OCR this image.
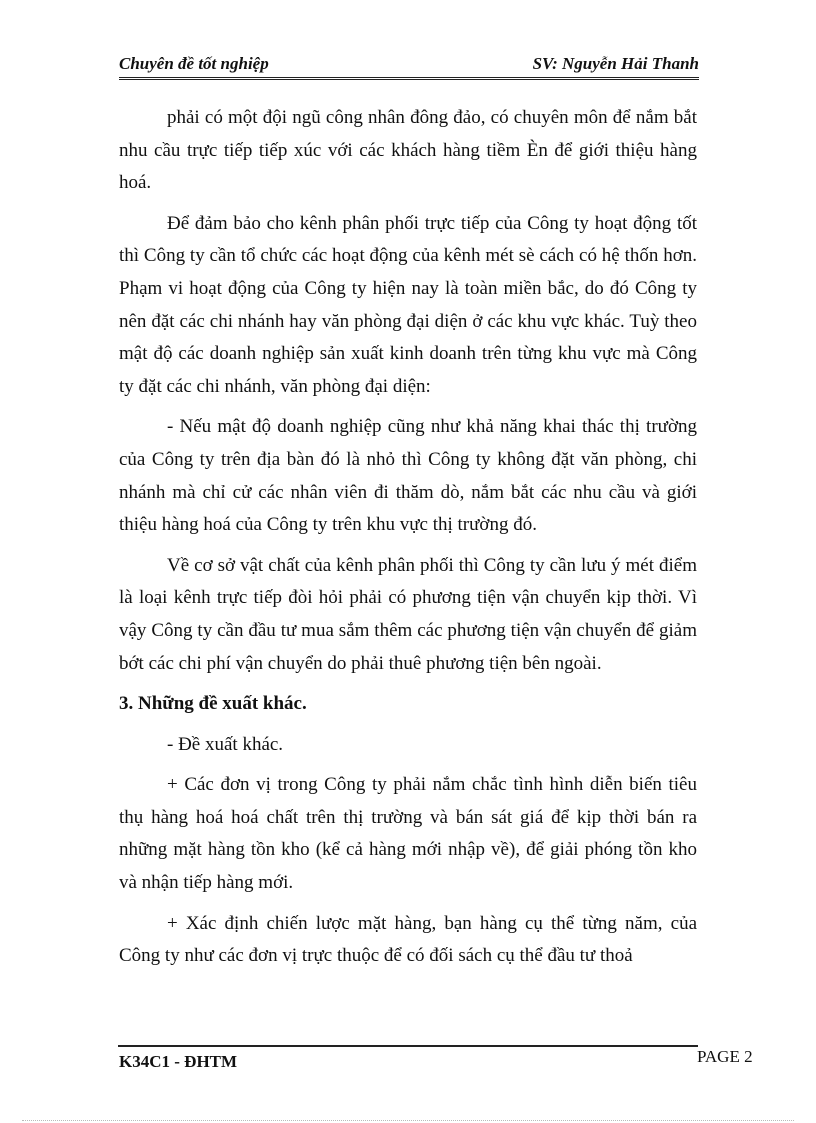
Chuyên đề tốt nghiệp	SV: Nguyễn Hải Thanh

phải có một đội ngũ công nhân đông đảo, có chuyên môn để nắm bắt nhu cầu trực tiếp tiếp xúc với các khách hàng tiềm Èn để giới thiệu hàng hoá.

Để đảm bảo cho kênh phân phối trực tiếp của Công ty hoạt động tốt thì Công ty cần tổ chức các hoạt động của kênh mét sè cách có hệ thốn hơn. Phạm vi hoạt động của Công ty hiện nay là toàn miền bắc, do đó Công ty nên đặt các chi nhánh hay văn phòng đại diện ở các khu vực khác. Tuỳ theo mật độ các doanh nghiệp sản xuất kinh doanh trên từng khu vực mà Công ty đặt các chi nhánh, văn phòng đại diện:

- Nếu mật độ doanh nghiệp cũng như khả năng khai thác thị trường của Công ty trên địa bàn đó là nhỏ thì Công ty không đặt văn phòng, chi nhánh mà chỉ cử các nhân viên đi thăm dò, nắm bắt các nhu cầu và giới thiệu hàng hoá của Công ty trên khu vực thị trường đó.

Về cơ sở vật chất của kênh phân phối thì Công ty cần lưu ý mét điểm là loại kênh trực tiếp đòi hỏi phải có phương tiện vận chuyển kịp thời. Vì vậy Công ty cần đầu tư mua sắm thêm các phương tiện vận chuyển để giảm bớt các chi phí vận chuyển do phải thuê phương tiện bên ngoài.

3. Những đề xuất khác.

- Đề xuất khác.

+ Các đơn vị trong Công ty phải nắm chắc tình hình diễn biến tiêu thụ hàng hoá hoá chất trên thị trường và bán sát giá để kịp thời bán ra những mặt hàng tồn kho (kể cả hàng mới nhập về), để giải phóng tồn kho và nhận tiếp hàng mới.

+ Xác định chiến lược mặt hàng, bạn hàng cụ thể từng năm, của Công ty như các đơn vị trực thuộc để có đối sách cụ thể đầu tư thoả

K34C1 - ĐHTM	PAGE 2
